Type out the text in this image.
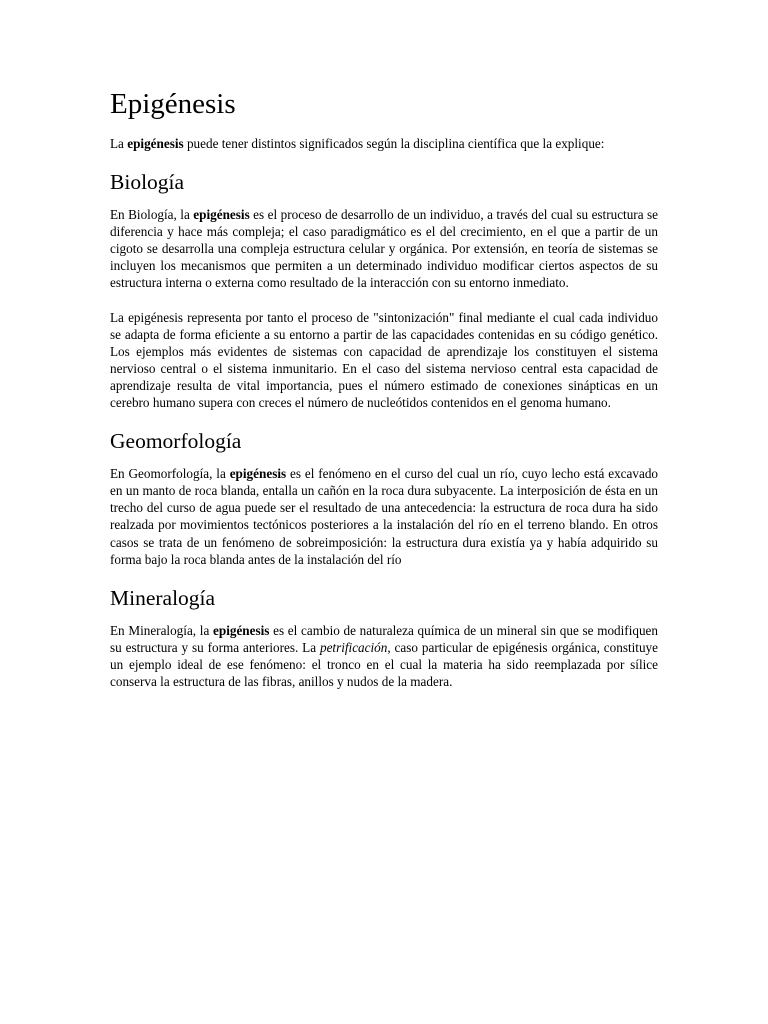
Epigénesis

La epigénesis puede tener distintos significados según la disciplina científica que la explique:

Biología

En Biología, la epigénesis es el proceso de desarrollo de un individuo, a través del cual su estructura se diferencia y hace más compleja; el caso paradigmático es el del crecimiento, en el que a partir de un cigoto se desarrolla una compleja estructura celular y orgánica. Por extensión, en teoría de sistemas se incluyen los mecanismos que permiten a un determinado individuo modificar ciertos aspectos de su estructura interna o externa como resultado de la interacción con su entorno inmediato.

La epigénesis representa por tanto el proceso de "sintonización" final mediante el cual cada individuo se adapta de forma eficiente a su entorno a partir de las capacidades contenidas en su código genético. Los ejemplos más evidentes de sistemas con capacidad de aprendizaje los constituyen el sistema nervioso central o el sistema inmunitario. En el caso del sistema nervioso central esta capacidad de aprendizaje resulta de vital importancia, pues el número estimado de conexiones sinápticas en un cerebro humano supera con creces el número de nucleótidos contenidos en el genoma humano.

Geomorfología

En Geomorfología, la epigénesis es el fenómeno en el curso del cual un río, cuyo lecho está excavado en un manto de roca blanda, entalla un cañón en la roca dura subyacente. La interposición de ésta en un trecho del curso de agua puede ser el resultado de una antecedencia: la estructura de roca dura ha sido realzada por movimientos tectónicos posteriores a la instalación del río en el terreno blando. En otros casos se trata de un fenómeno de sobreimposición: la estructura dura existía ya y había adquirido su forma bajo la roca blanda antes de la instalación del río

Mineralogía

En Mineralogía, la epigénesis es el cambio de naturaleza química de un mineral sin que se modifiquen su estructura y su forma anteriores. La petrificación, caso particular de epigénesis orgánica, constituye un ejemplo ideal de ese fenómeno: el tronco en el cual la materia ha sido reemplazada por sílice conserva la estructura de las fibras, anillos y nudos de la madera.
